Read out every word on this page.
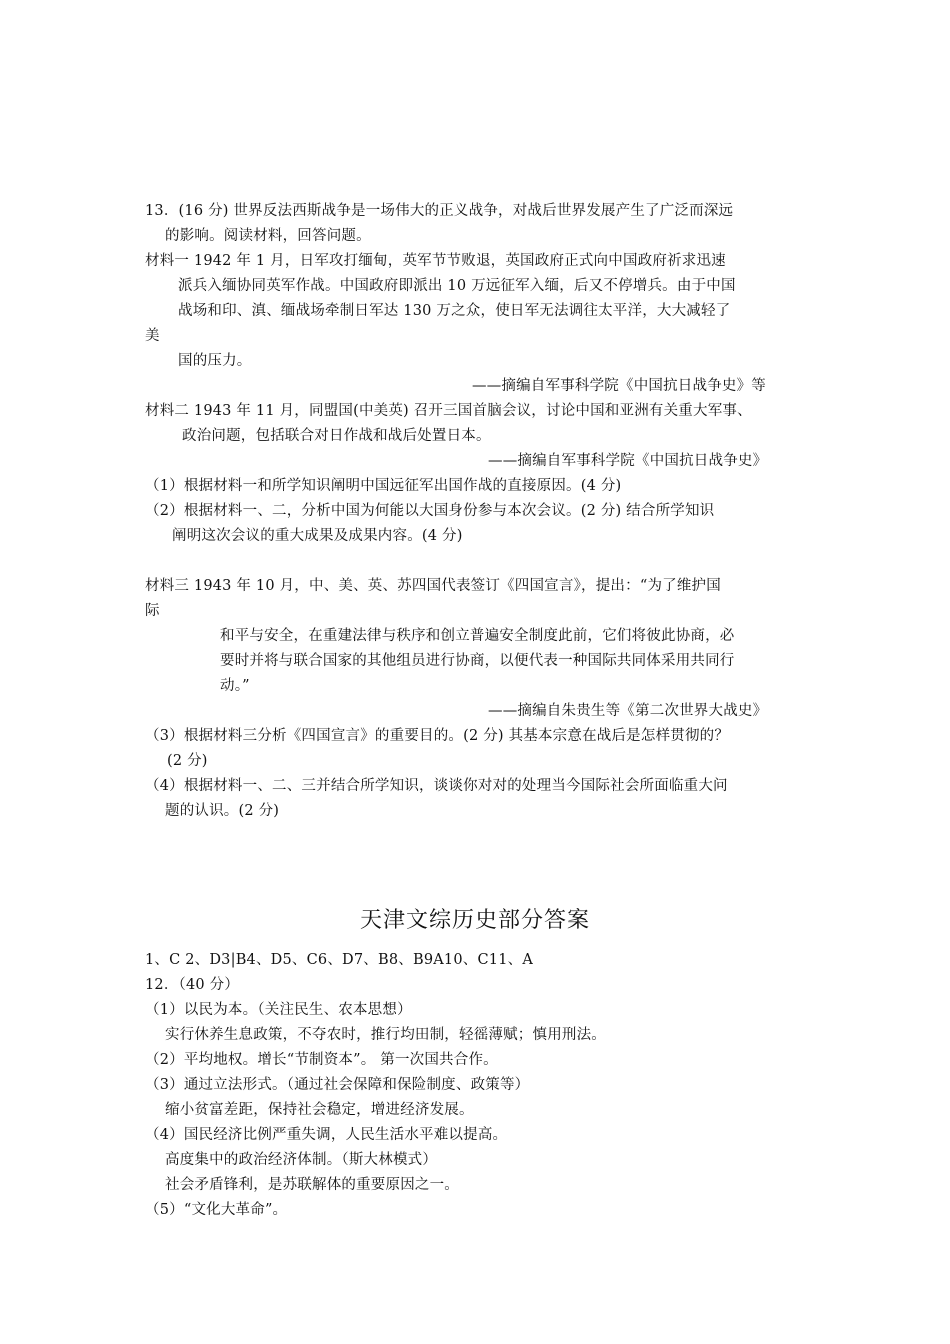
13．(16 分) 世界反法西斯战争是一场伟大的正义战争，对战后世界发展产生了广泛而深远
的影响。阅读材料，回答问题。
材料一 1942 年 1 月，日军攻打缅甸，英军节节败退，英国政府正式向中国政府祈求迅速
派兵入缅协同英军作战。中国政府即派出 10 万远征军入缅，后又不停增兵。由于中国
战场和印、滇、缅战场牵制日军达 130 万之众，使日军无法调往太平洋，大大减轻了
美
国的压力。
——摘编自军事科学院《中国抗日战争史》等
材料二 1943 年 11 月，同盟国(中美英) 召开三国首脑会议，讨论中国和亚洲有关重大军事、
政治问题，包括联合对日作战和战后处置日本。
——摘编自军事科学院《中国抗日战争史》
（1）根据材料一和所学知识阐明中国远征军出国作战的直接原因。(4 分)
（2）根据材料一、二，分析中国为何能以大国身份参与本次会议。(2 分) 结合所学知识
阐明这次会议的重大成果及成果内容。(4 分)
材料三 1943 年 10 月，中、美、英、苏四国代表签订《四国宣言》，提出：“为了维护国
际
和平与安全，在重建法律与秩序和创立普遍安全制度此前，它们将彼此协商，必
要时并将与联合国家的其他组员进行协商，以便代表一种国际共同体采用共同行
动。”
——摘编自朱贵生等《第二次世界大战史》
（3）根据材料三分析《四国宣言》的重要目的。(2 分) 其基本宗意在战后是怎样贯彻的？
(2 分)
（4）根据材料一、二、三并结合所学知识，谈谈你对对的处理当今国际社会所面临重大问
题的认识。(2 分)
天津文综历史部分答案
1、C 2、D3|B4、D5、C6、D7、B8、B9A10、C11、A
12．（40 分）
（1）以民为本。（关注民生、农本思想）
实行休养生息政策，不夺农时，推行均田制，轻徭薄赋；慎用刑法。
（2）平均地权。增长“节制资本”。 第一次国共合作。
（3）通过立法形式。（通过社会保障和保险制度、政策等）
缩小贫富差距，保持社会稳定，增进经济发展。
（4）国民经济比例严重失调，人民生活水平难以提高。
高度集中的政治经济体制。（斯大林模式）
社会矛盾锋利，是苏联解体的重要原因之一。
（5）“文化大革命”。
